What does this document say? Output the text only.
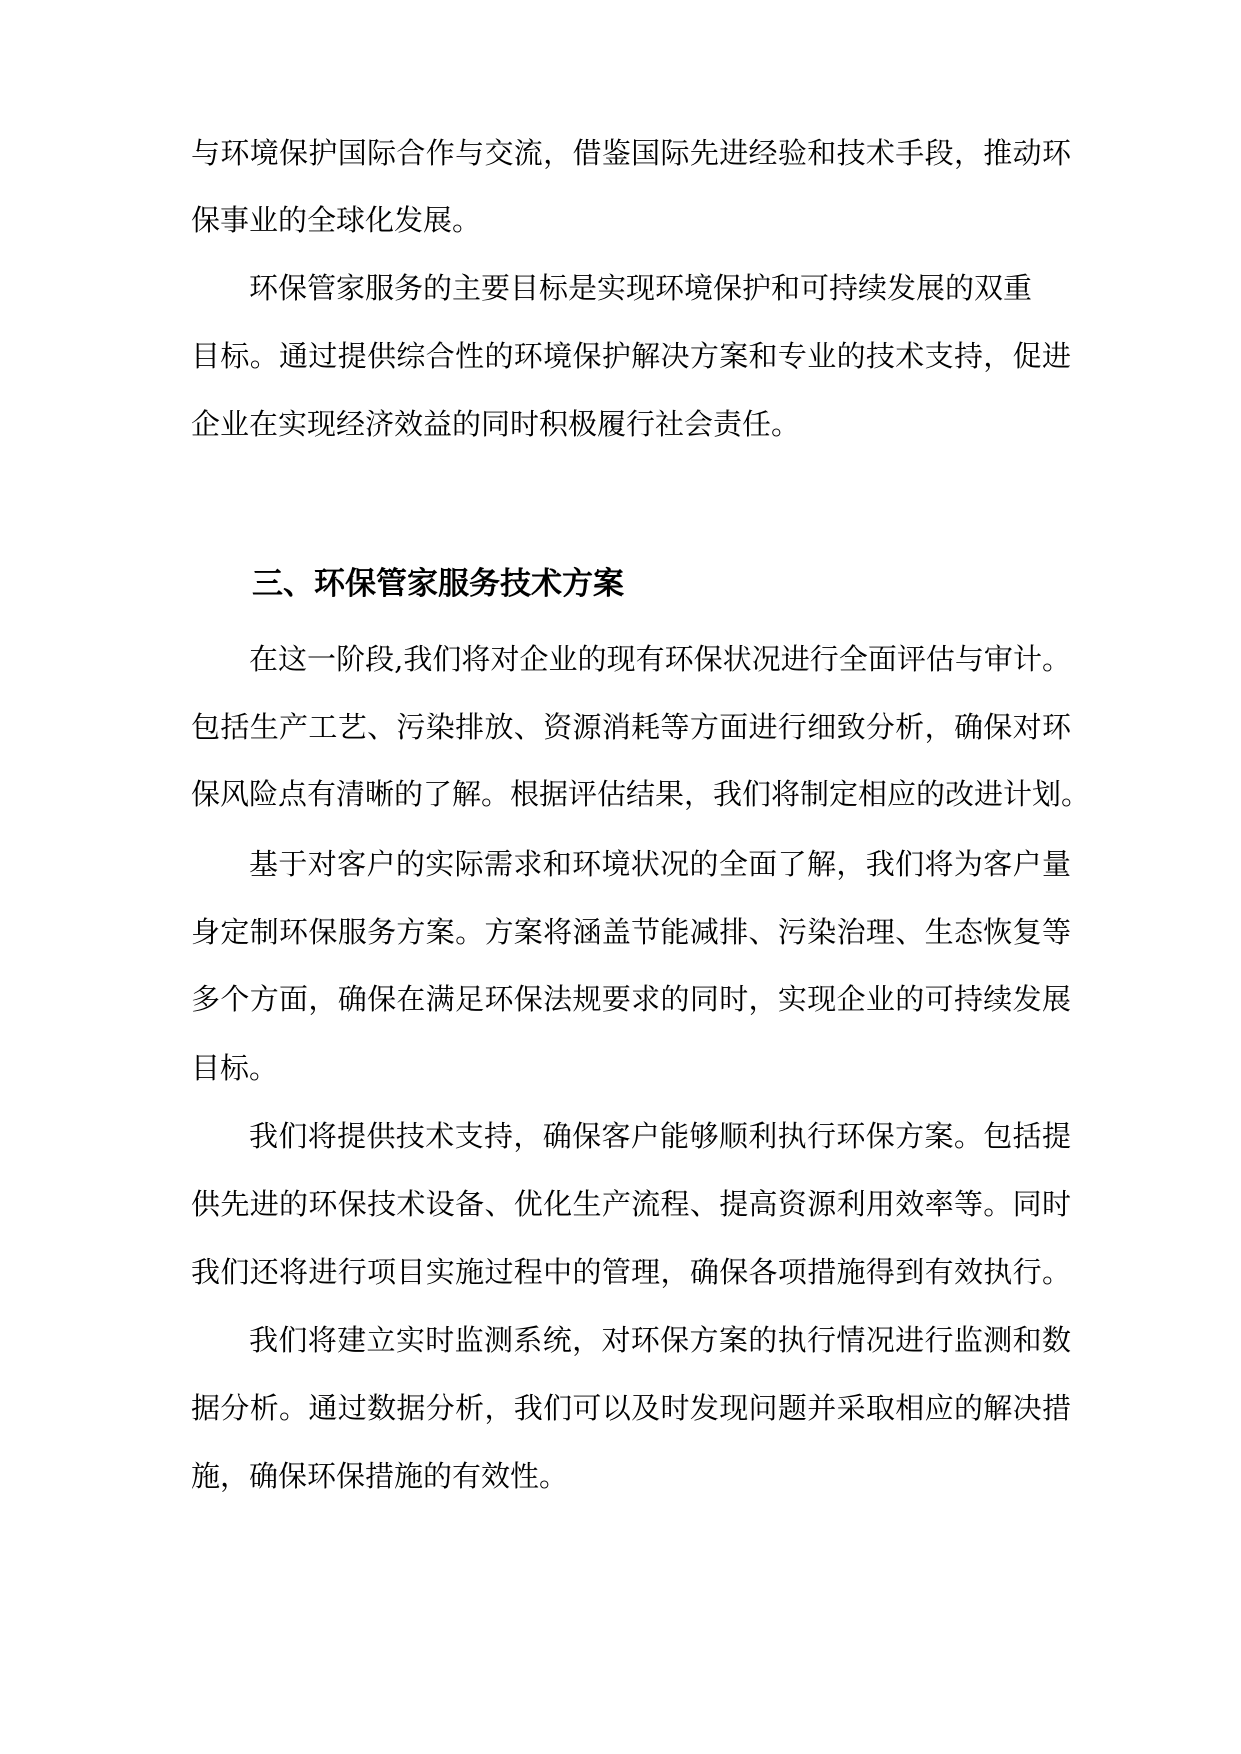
与环境保护国际合作与交流，借鉴国际先进经验和技术手段，推动环

保事业的全球化发展。

环保管家服务的主要目标是实现环境保护和可持续发展的双重

目标。通过提供综合性的环境保护解决方案和专业的技术支持，促进

企业在实现经济效益的同时积极履行社会责任。

三、环保管家服务技术方案

在这一阶段,我们将对企业的现有环保状况进行全面评估与审计。

包括生产工艺、污染排放、资源消耗等方面进行细致分析，确保对环

保风险点有清晰的了解。根据评估结果，我们将制定相应的改进计划。

基于对客户的实际需求和环境状况的全面了解，我们将为客户量

身定制环保服务方案。方案将涵盖节能减排、污染治理、生态恢复等

多个方面，确保在满足环保法规要求的同时，实现企业的可持续发展

目标。

我们将提供技术支持，确保客户能够顺利执行环保方案。包括提

供先进的环保技术设备、优化生产流程、提高资源利用效率等。同时

我们还将进行项目实施过程中的管理，确保各项措施得到有效执行。

我们将建立实时监测系统，对环保方案的执行情况进行监测和数

据分析。通过数据分析，我们可以及时发现问题并采取相应的解决措

施，确保环保措施的有效性。
